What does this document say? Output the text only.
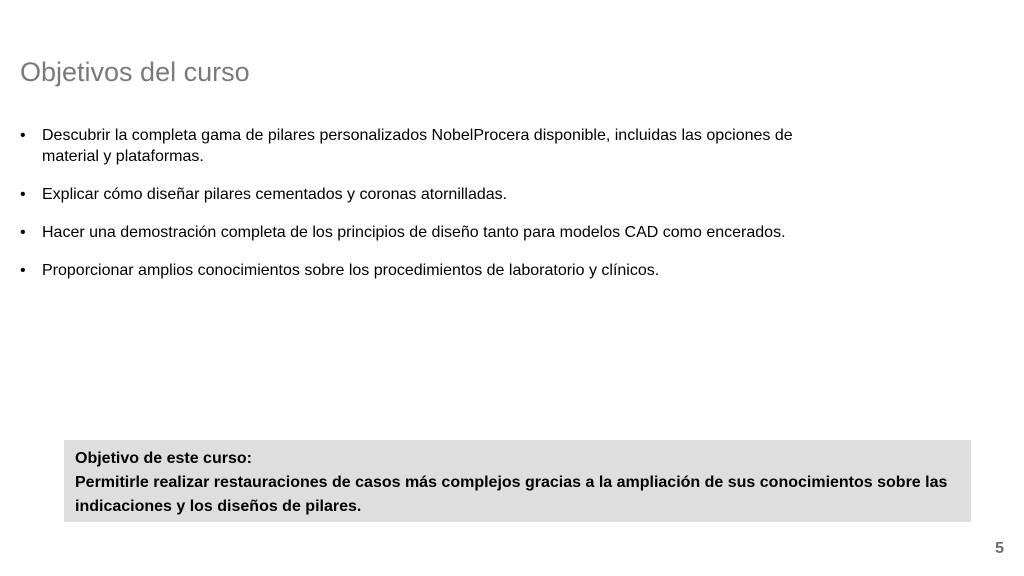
Objetivos del curso
• Descubrir la completa gama de pilares personalizados NobelProcera disponible, incluidas las opciones de material y plataformas.
• Explicar cómo diseñar pilares cementados y coronas atornilladas.
• Hacer una demostración completa de los principios de diseño tanto para modelos CAD como encerados.
• Proporcionar amplios conocimientos sobre los procedimientos de laboratorio y clínicos.
Objetivo de este curso:
Permitirle realizar restauraciones de casos más complejos gracias a la ampliación de sus conocimientos sobre las indicaciones y los diseños de pilares.
5
